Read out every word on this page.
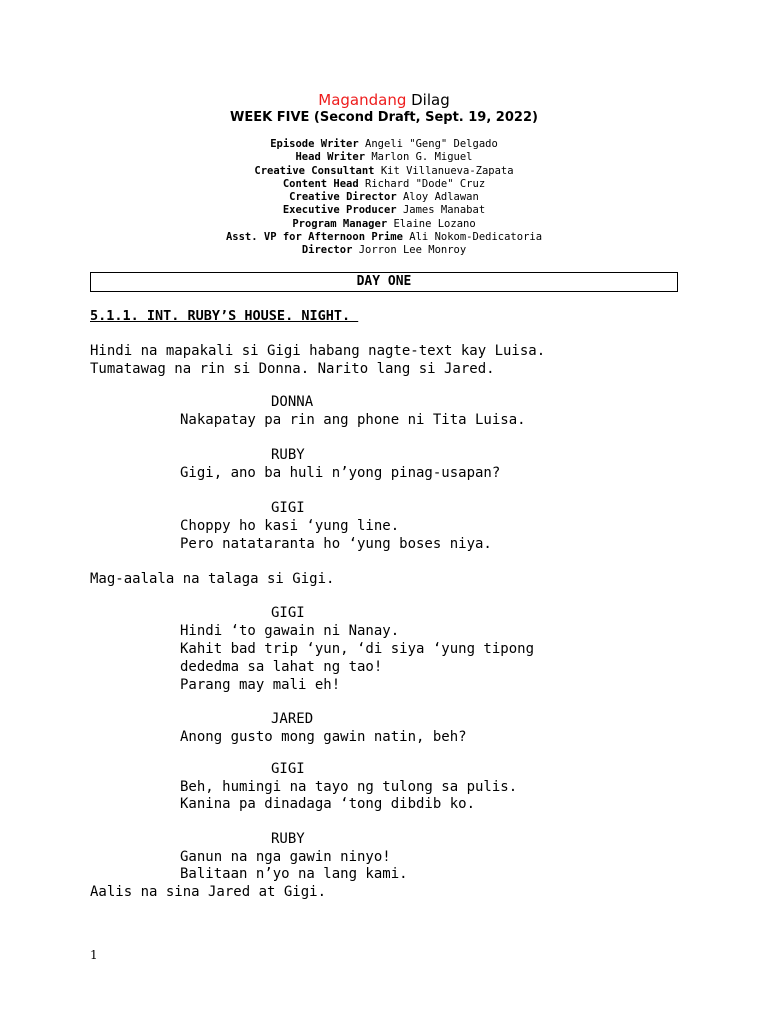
Magandang Dilag
WEEK FIVE (Second Draft, Sept. 19, 2022)
Episode Writer Angeli "Geng" Delgado
Head Writer Marlon G. Miguel
Creative Consultant Kit Villanueva-Zapata
Content Head Richard "Dode" Cruz
Creative Director Aloy Adlawan
Executive Producer James Manabat
Program Manager Elaine Lozano
Asst. VP for Afternoon Prime Ali Nokom-Dedicatoria
Director Jorron Lee Monroy
DAY ONE
5.1.1. INT. RUBY’S HOUSE. NIGHT.
Hindi na mapakali si Gigi habang nagte-text kay Luisa.
Tumatawag na rin si Donna. Narito lang si Jared.
DONNA
Nakapatay pa rin ang phone ni Tita Luisa.
RUBY
Gigi, ano ba huli n’yong pinag-usapan?
GIGI
Choppy ho kasi ‘yung line.
Pero natataranta ho ‘yung boses niya.
Mag-aalala na talaga si Gigi.
GIGI
Hindi ‘to gawain ni Nanay.
Kahit bad trip ‘yun, ‘di siya ‘yung tipong
dededma sa lahat ng tao!
Parang may mali eh!
JARED
Anong gusto mong gawin natin, beh?
GIGI
Beh, humingi na tayo ng tulong sa pulis.
Kanina pa dinadaga ‘tong dibdib ko.
RUBY
Ganun na nga gawin ninyo!
Balitaan n’yo na lang kami.
Aalis na sina Jared at Gigi.
1
